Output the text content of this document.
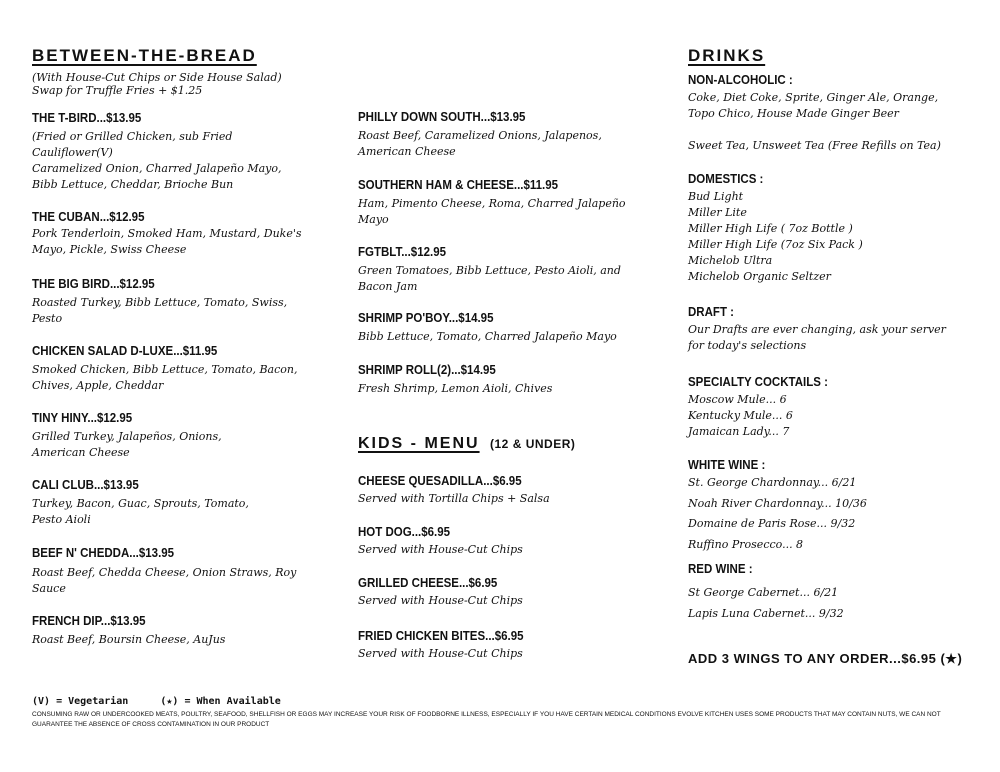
BETWEEN-THE-BREAD
(With House-Cut Chips or Side House Salad)
Swap for Truffle Fries + $1.25
THE T-BIRD...$13.95
(Fried or Grilled Chicken, sub Fried
Cauliflower(V)
Caramelized Onion, Charred Jalapeño Mayo,
Bibb Lettuce, Cheddar, Brioche Bun
THE CUBAN...$12.95
Pork Tenderloin, Smoked Ham, Mustard, Duke's
Mayo, Pickle, Swiss Cheese
THE BIG BIRD...$12.95
Roasted Turkey, Bibb Lettuce, Tomato, Swiss,
Pesto
CHICKEN SALAD D-LUXE...$11.95
Smoked Chicken, Bibb Lettuce, Tomato, Bacon,
Chives, Apple, Cheddar
TINY HINY...$12.95
Grilled Turkey, Jalapeños, Onions,
American Cheese
CALI CLUB...$13.95
Turkey, Bacon, Guac, Sprouts, Tomato,
Pesto Aioli
BEEF N' CHEDDA...$13.95
Roast Beef, Chedda Cheese, Onion Straws, Roy
Sauce
FRENCH DIP...$13.95
Roast Beef, Boursin Cheese, AuJus
PHILLY DOWN SOUTH...$13.95
Roast Beef, Caramelized Onions, Jalapenos,
American Cheese
SOUTHERN HAM & CHEESE...$11.95
Ham, Pimento Cheese, Roma, Charred Jalapeño
Mayo
FGTBLT...$12.95
Green Tomatoes, Bibb Lettuce, Pesto Aioli, and
Bacon Jam
SHRIMP PO'BOY...$14.95
Bibb Lettuce, Tomato, Charred Jalapeño Mayo
SHRIMP ROLL(2)...$14.95
Fresh Shrimp, Lemon Aioli, Chives
KIDS - MENU (12 & UNDER)
CHEESE QUESADILLA...$6.95
Served with Tortilla Chips + Salsa
HOT DOG...$6.95
Served with House-Cut Chips
GRILLED CHEESE...$6.95
Served with House-Cut Chips
FRIED CHICKEN BITES...$6.95
Served with House-Cut Chips
DRINKS
NON-ALCOHOLIC :
Coke, Diet Coke, Sprite, Ginger Ale, Orange,
Topo Chico, House Made Ginger Beer
Sweet Tea, Unsweet Tea (Free Refills on Tea)
DOMESTICS :
Bud Light
Miller Lite
Miller High Life ( 7oz Bottle )
Miller High Life (7oz Six Pack )
Michelob Ultra
Michelob Organic Seltzer
DRAFT :
Our Drafts are ever changing, ask your server
for today's selections
SPECIALTY COCKTAILS :
Moscow Mule... 6
Kentucky Mule... 6
Jamaican Lady... 7
WHITE WINE :
St. George Chardonnay... 6/21
Noah River Chardonnay... 10/36
Domaine de Paris Rose... 9/32
Ruffino Prosecco... 8
RED WINE :
St George Cabernet... 6/21
Lapis Luna Cabernet... 9/32
ADD 3 WINGS TO ANY ORDER...$6.95 (★)
(V) = Vegetarian	(★) = When Available
CONSUMING RAW OR UNDERCOOKED MEATS, POULTRY, SEAFOOD, SHELLFISH OR EGGS MAY INCREASE YOUR RISK OF FOODBORNE ILLNESS, ESPECIALLY IF YOU HAVE CERTAIN MEDICAL CONDITIONS EVOLVE KITCHEN USES SOME PRODUCTS THAT MAY CONTAIN NUTS, WE CAN NOT GUARANTEE THE ABSENCE OF CROSS CONTAMINATION IN OUR PRODUCT
